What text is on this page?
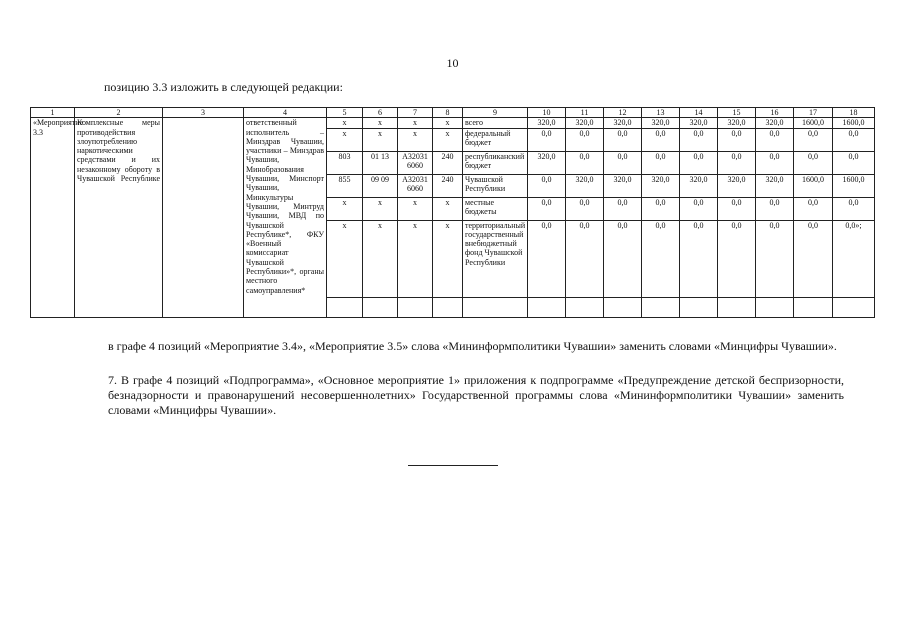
10
позицию 3.3 изложить в следующей редакции:
1	2	3	4	5	6	7	8	9	10	11	12	13	14	15	16	17	18
«Мероприятие 3.3	Комплексные меры противодействия злоупотреблению наркотическими средствами и их незаконному обороту в Чувашской Республике		ответственный исполнитель – Минздрав Чувашии, участники – Минздрав Чувашии, Минобразования Чувашии, Минспорт Чувашии, Минкультуры Чувашии, Минтруд Чувашии, МВД по Чувашской Республике*, ФКУ «Военный комиссариат Чувашской Республики»*, органы местного самоуправления*	х	х	х	х	всего	320,0	320,0	320,0	320,0	320,0	320,0	320,0	1600,0	1600,0
				х	х	х	х	федеральный бюджет	0,0	0,0	0,0	0,0	0,0	0,0	0,0	0,0	0,0
				803	01 13	А32031 6060	240	республиканский бюджет	320,0	0,0	0,0	0,0	0,0	0,0	0,0	0,0	0,0
				855	09 09	А32031 6060	240	Чувашской Республики	0,0	320,0	320,0	320,0	320,0	320,0	320,0	1600,0	1600,0
				х	х	х	х	местные бюджеты	0,0	0,0	0,0	0,0	0,0	0,0	0,0	0,0	0,0
				х	х	х	х	территориальный государственный внебюджетный фонд Чувашской Республики	0,0	0,0	0,0	0,0	0,0	0,0	0,0	0,0	0,0»;

в графе 4 позиций «Мероприятие 3.4», «Мероприятие 3.5» слова «Мининформполитики Чувашии» заменить словами «Минцифры Чувашии».
7. В графе 4 позиций «Подпрограмма», «Основное мероприятие 1» приложения к подпрограмме «Предупреждение детской беспризорности, безнадзорности и правонарушений несовершеннолетних» Государственной программы слова «Мининформполитики Чувашии» заменить словами «Минцифры Чувашии».
